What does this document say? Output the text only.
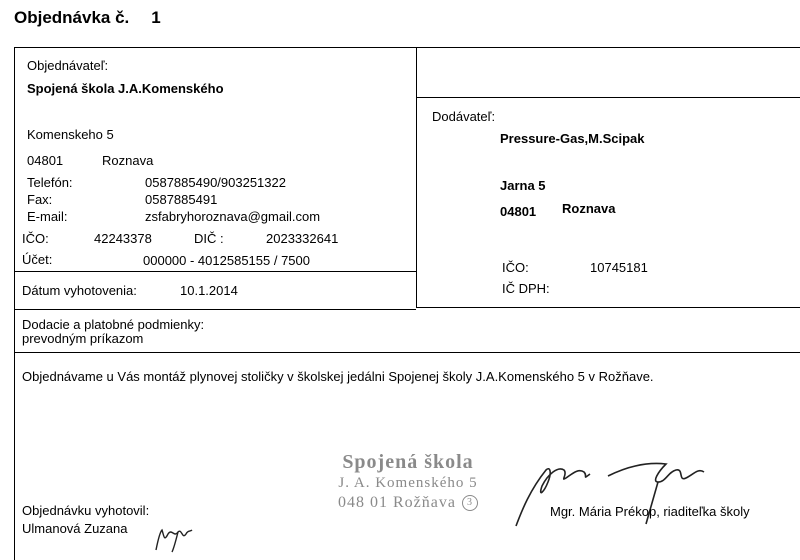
Objednávka č. 1
Objednávateľ:
Spojená škola J.A.Komenského
Komenskeho 5
04801	Roznava
Telefón:	0587885490/903251322
Fax:	0587885491
E-mail:	zsfabryhoroznava@gmail.com
IČO:	42243378	DIČ :	2023332641
Účet:	000000 - 4012585155 / 7500
Dátum vyhotovenia:	10.1.2014
Dodávateľ:
Pressure-Gas,M.Scipak
Jarna 5
04801 Roznava
IČO:	10745181
IČ DPH:
Dodacie a platobné podmienky:
prevodným príkazom
Objednávame u Vás montáž plynovej stoličky v školskej jedálni Spojenej školy J.A.Komenského 5 v Rožňave.
Spojená škola
J. A. Komenského 5
048 01 Rožňava 3
Objednávku vyhotovil:
Ulmanová Zuzana
Mgr. Mária Prékop, riaditeľka školy
